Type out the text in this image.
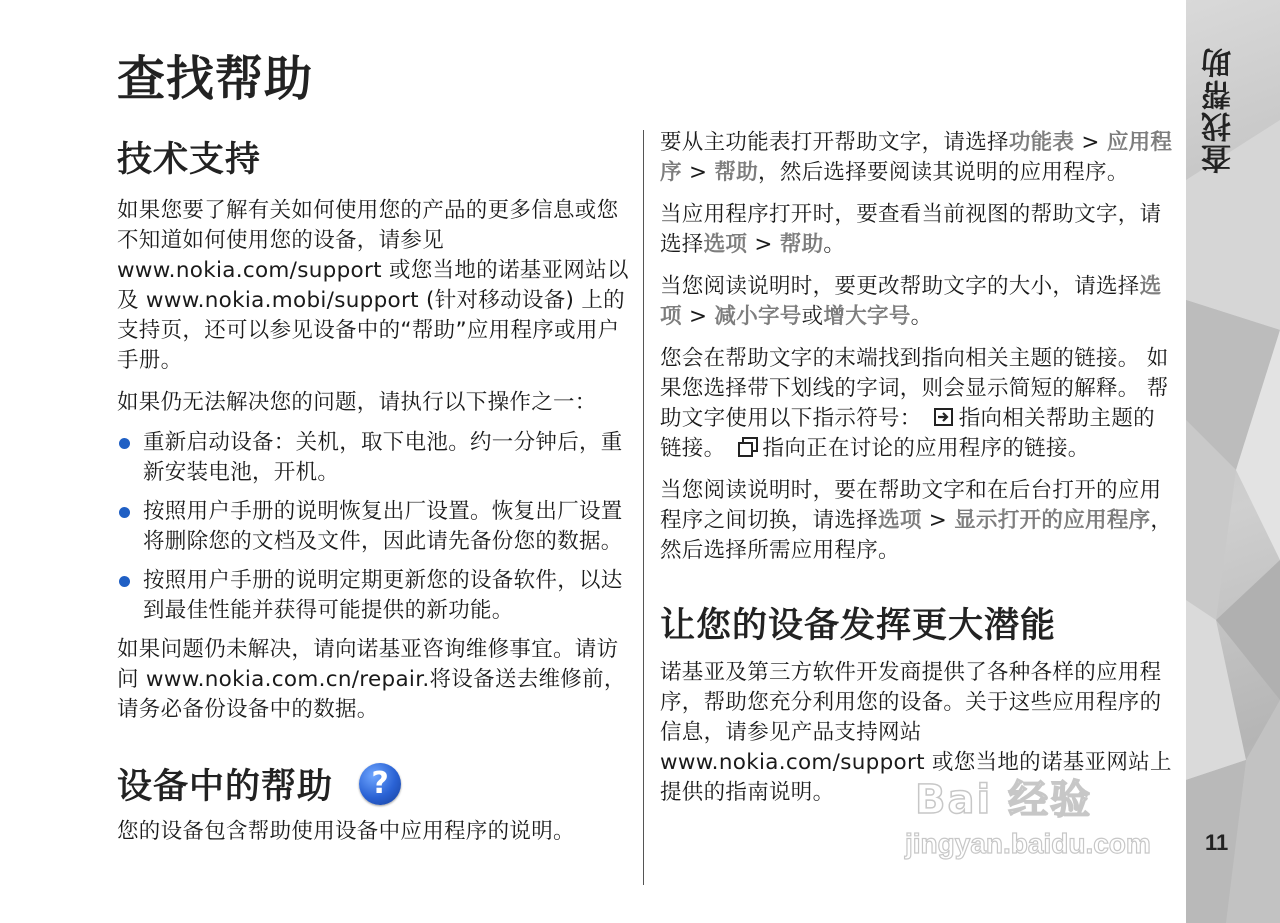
查找帮助
技术支持

如果您要了解有关如何使用您的产品的更多信息或您不知道如何使用您的设备，请参见 www.nokia.com/support 或您当地的诺基亚网站以及 www.nokia.mobi/support (针对移动设备) 上的支持页，还可以参见设备中的“帮助”应用程序或用户手册。

如果仍无法解决您的问题，请执行以下操作之一：

重新启动设备：关机，取下电池。约一分钟后，重新安装电池，开机。
按照用户手册的说明恢复出厂设置。恢复出厂设置将删除您的文档及文件，因此请先备份您的数据。
按照用户手册的说明定期更新您的设备软件，以达到最佳性能并获得可能提供的新功能。

如果问题仍未解决，请向诺基亚咨询维修事宜。请访问 www.nokia.com.cn/repair.将设备送去维修前，请务必备份设备中的数据。

设备中的帮助	?

您的设备包含帮助使用设备中应用程序的说明。

要从主功能表打开帮助文字，请选择功能表 > 应用程序 > 帮助，然后选择要阅读其说明的应用程序。

当应用程序打开时，要查看当前视图的帮助文字，请选择选项 > 帮助。

当您阅读说明时，要更改帮助文字的大小，请选择选项 > 减小字号或增大字号。

您会在帮助文字的末端找到指向相关主题的链接。 如果您选择带下划线的字词，则会显示简短的解释。 帮助文字使用以下指示符号： 指向相关帮助主题的链接。 指向正在讨论的应用程序的链接。

当您阅读说明时，要在帮助文字和在后台打开的应用程序之间切换，请选择选项 > 显示打开的应用程序，然后选择所需应用程序。

让您的设备发挥更大潜能

诺基亚及第三方软件开发商提供了各种各样的应用程序，帮助您充分利用您的设备。关于这些应用程序的信息，请参见产品支持网站 www.nokia.com/support 或您当地的诺基亚网站上提供的指南说明。

查找帮助
11
Bai 经验
jingyan.baidu.com
